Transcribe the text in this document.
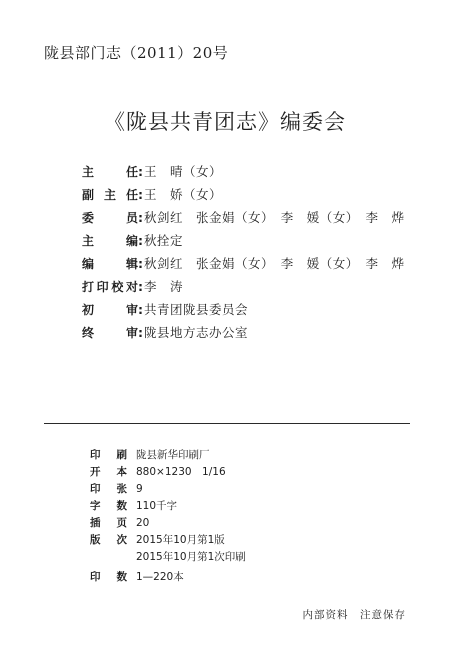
陇县部门志（2011）20号
《陇县共青团志》编委会
主任:王　晴（女）
副主任:王　娇（女）
委员:秋剑红　张金娟（女）　李　媛（女）　李　烨
主编:秋拴定
编辑:秋剑红　张金娟（女）　李　媛（女）　李　烨
打印校对:李　涛
初审:共青团陇县委员会
终审:陇县地方志办公室
印刷 陇县新华印刷厂
开本 880×1230　1/16
印张 9
字数 110千字
插页 20
版次 2015年10月第1版
2015年10月第1次印刷
印数 1—220本
内部资料　注意保存
